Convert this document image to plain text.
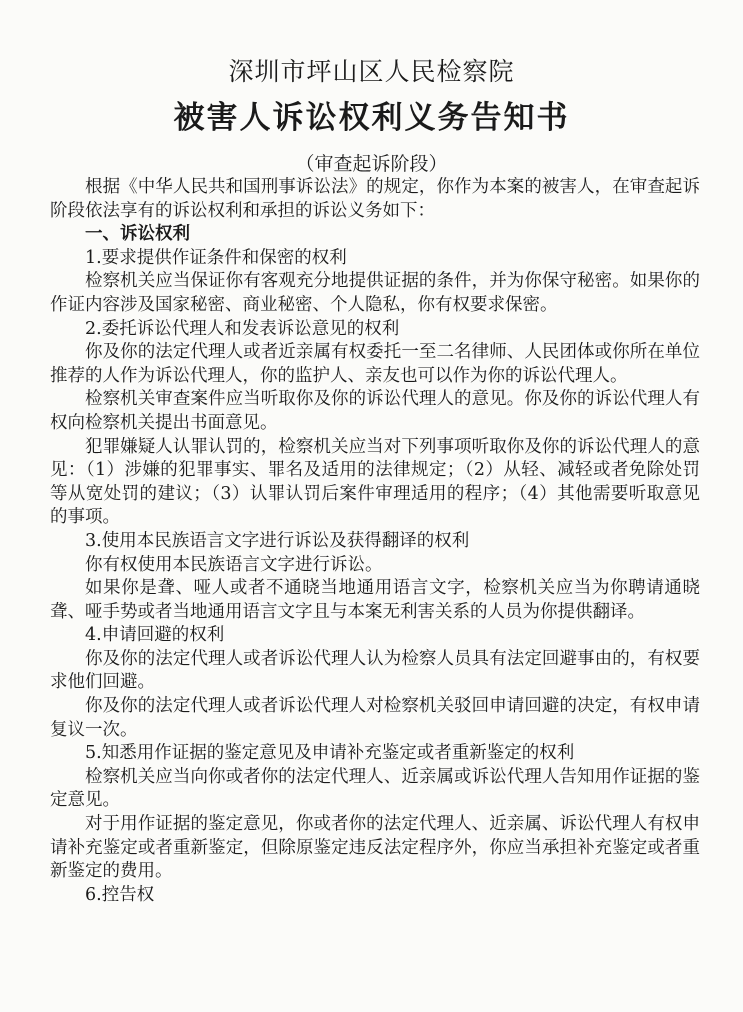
深圳市坪山区人民检察院
被害人诉讼权利义务告知书
（审查起诉阶段）

根据《中华人民共和国刑事诉讼法》的规定，你作为本案的被害人，在审查起诉阶段依法享有的诉讼权利和承担的诉讼义务如下：

一、诉讼权利

1.要求提供作证条件和保密的权利

检察机关应当保证你有客观充分地提供证据的条件，并为你保守秘密。如果你的作证内容涉及国家秘密、商业秘密、个人隐私，你有权要求保密。

2.委托诉讼代理人和发表诉讼意见的权利

你及你的法定代理人或者近亲属有权委托一至二名律师、人民团体或你所在单位推荐的人作为诉讼代理人，你的监护人、亲友也可以作为你的诉讼代理人。

检察机关审查案件应当听取你及你的诉讼代理人的意见。你及你的诉讼代理人有权向检察机关提出书面意见。

犯罪嫌疑人认罪认罚的，检察机关应当对下列事项听取你及你的诉讼代理人的意见：（1）涉嫌的犯罪事实、罪名及适用的法律规定；（2）从轻、减轻或者免除处罚等从宽处罚的建议；（3）认罪认罚后案件审理适用的程序；（4）其他需要听取意见的事项。

3.使用本民族语言文字进行诉讼及获得翻译的权利

你有权使用本民族语言文字进行诉讼。

如果你是聋、哑人或者不通晓当地通用语言文字，检察机关应当为你聘请通晓聋、哑手势或者当地通用语言文字且与本案无利害关系的人员为你提供翻译。

4.申请回避的权利

你及你的法定代理人或者诉讼代理人认为检察人员具有法定回避事由的，有权要求他们回避。

你及你的法定代理人或者诉讼代理人对检察机关驳回申请回避的决定，有权申请复议一次。

5.知悉用作证据的鉴定意见及申请补充鉴定或者重新鉴定的权利

检察机关应当向你或者你的法定代理人、近亲属或诉讼代理人告知用作证据的鉴定意见。

对于用作证据的鉴定意见，你或者你的法定代理人、近亲属、诉讼代理人有权申请补充鉴定或者重新鉴定，但除原鉴定违反法定程序外，你应当承担补充鉴定或者重新鉴定的费用。

6.控告权
